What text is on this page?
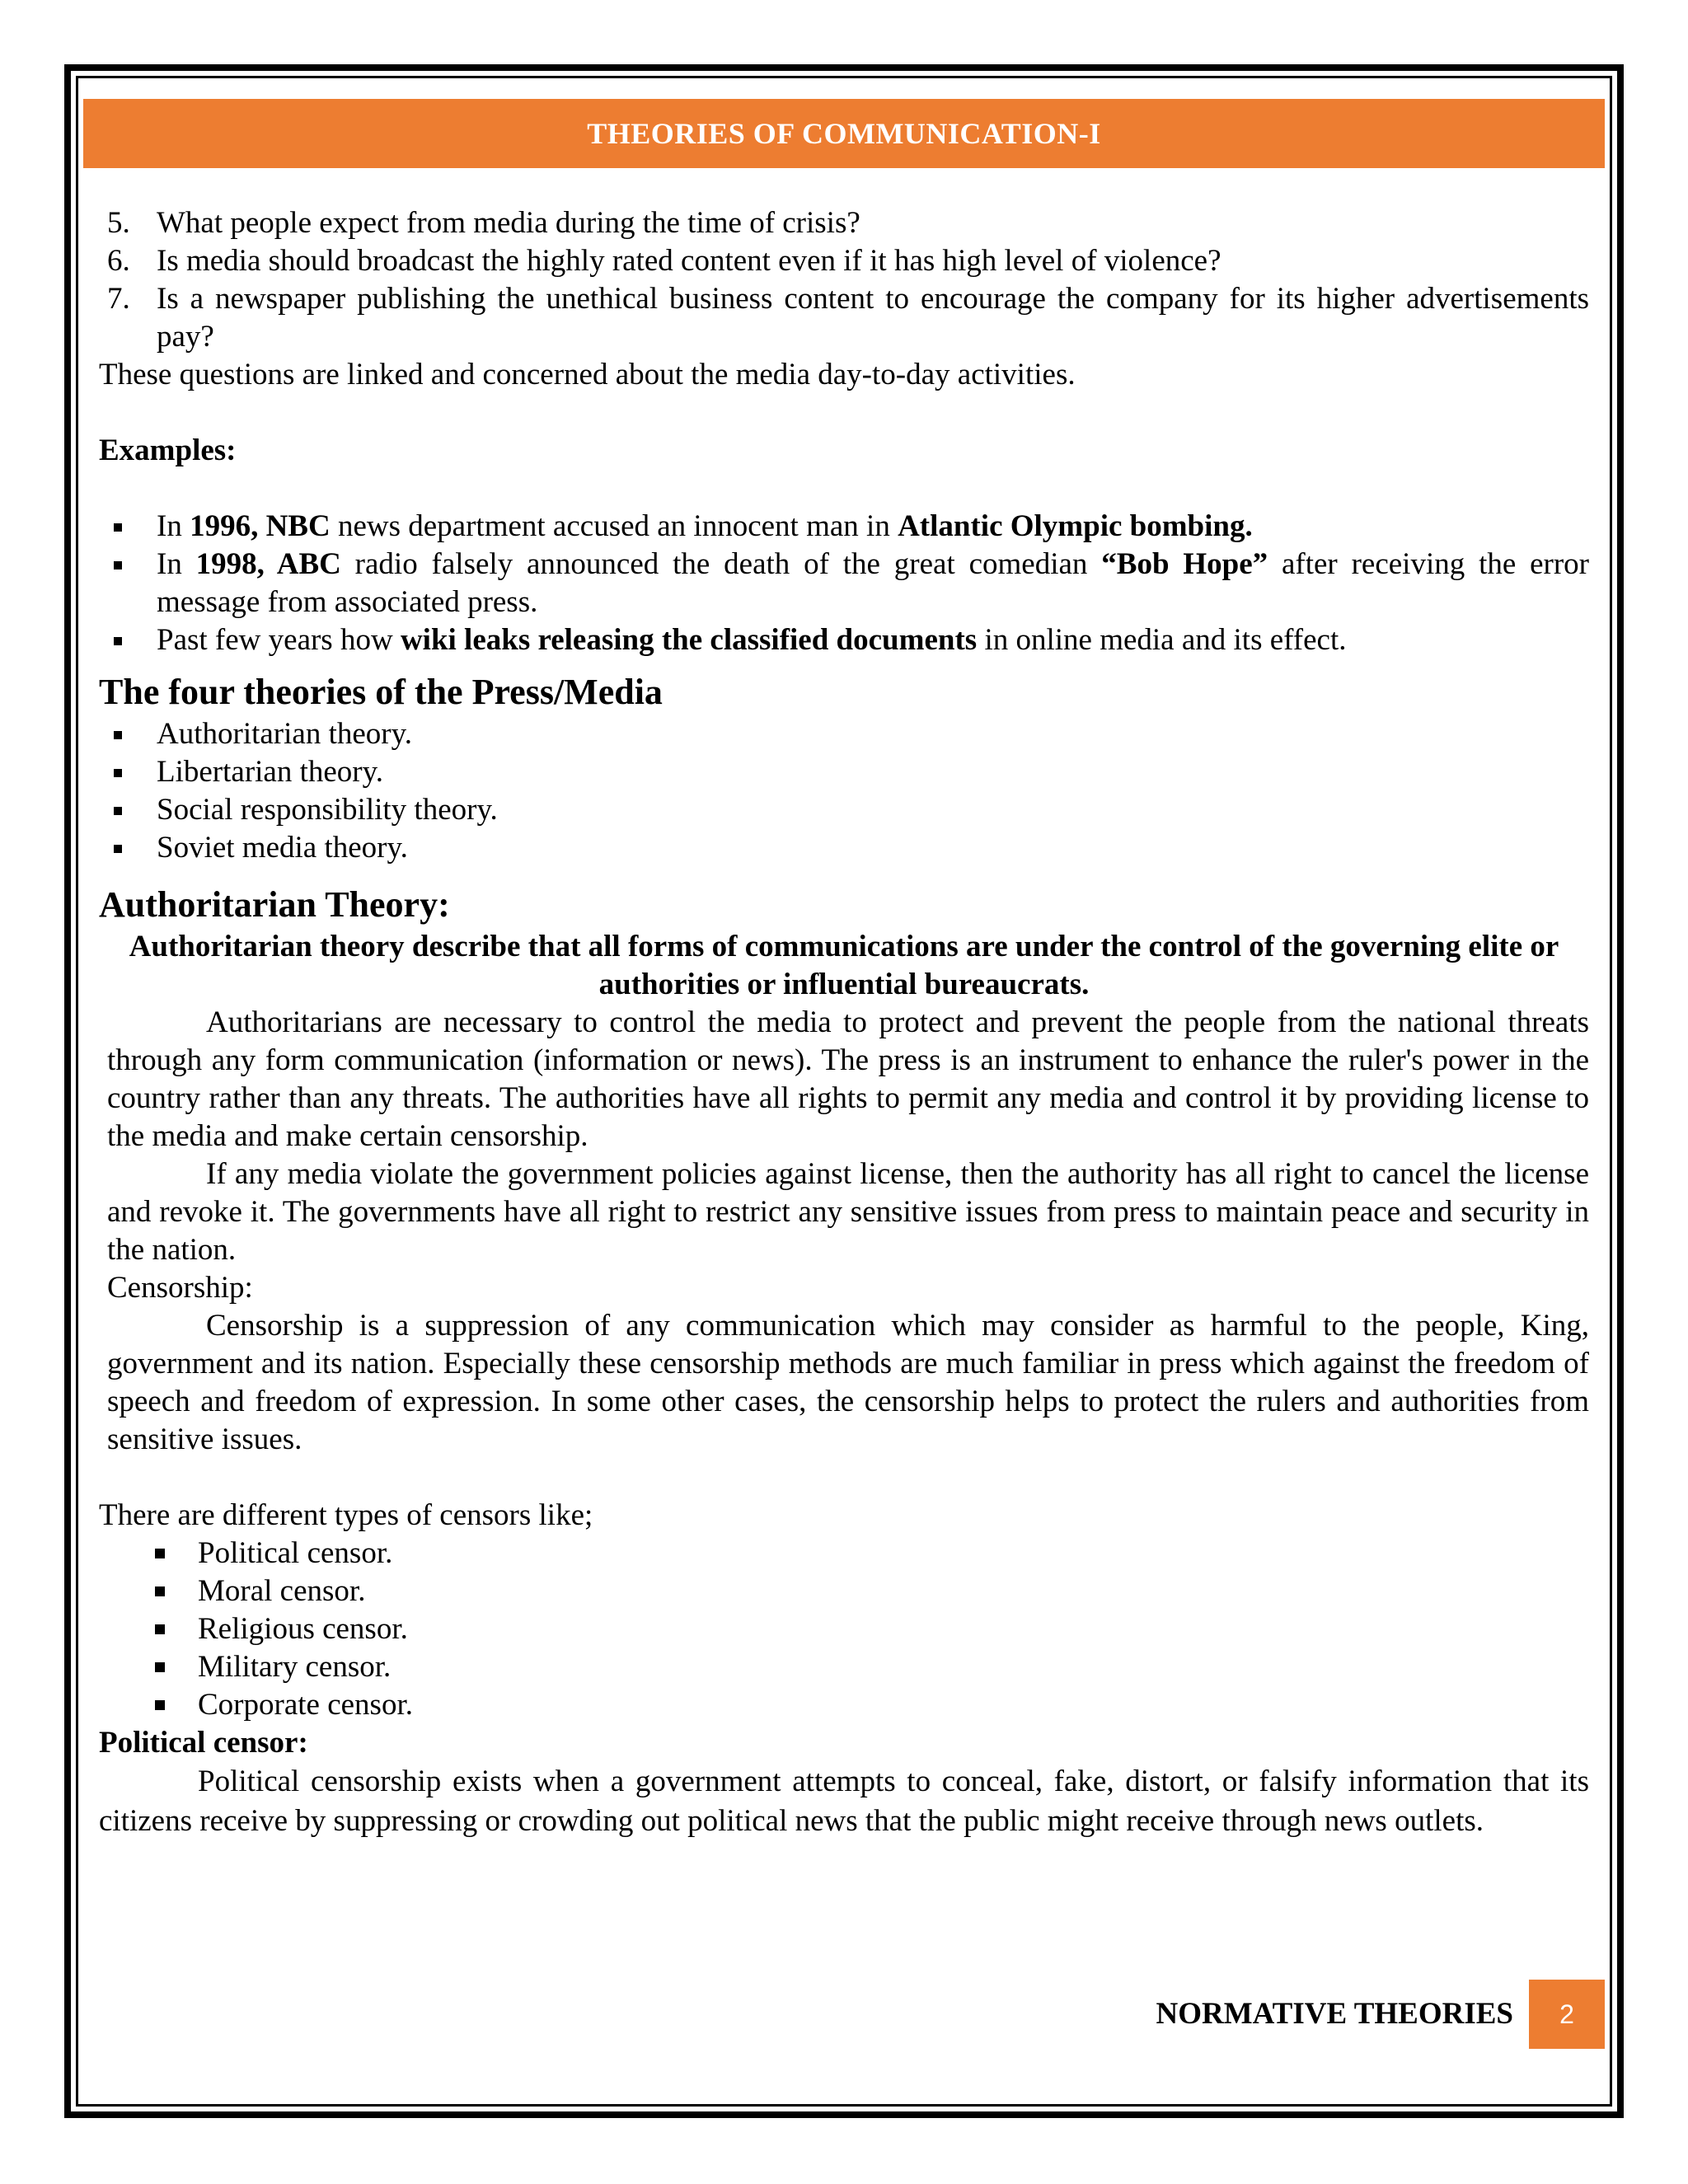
THEORIES OF COMMUNICATION-I
5. What people expect from media during the time of crisis?
6. Is media should broadcast the highly rated content even if it has high level of violence?
7. Is a newspaper publishing the unethical business content to encourage the company for its higher advertisements pay?

These questions are linked and concerned about the media day-to-day activities.

Examples:

In 1996, NBC news department accused an innocent man in Atlantic Olympic bombing.
In 1998, ABC radio falsely announced the death of the great comedian “Bob Hope” after receiving the error message from associated press.
Past few years how wiki leaks releasing the classified documents in online media and its effect.

The four theories of the Press/Media

Authoritarian theory.
Libertarian theory.
Social responsibility theory.
Soviet media theory.

Authoritarian Theory:

Authoritarian theory describe that all forms of communications are under the control of the governing elite or authorities or influential bureaucrats.

Authoritarians are necessary to control the media to protect and prevent the people from the national threats through any form communication (information or news). The press is an instrument to enhance the ruler's power in the country rather than any threats. The authorities have all rights to permit any media and control it by providing license to the media and make certain censorship.

If any media violate the government policies against license, then the authority has all right to cancel the license and revoke it. The governments have all right to restrict any sensitive issues from press to maintain peace and security in the nation.

Censorship:

Censorship is a suppression of any communication which may consider as harmful to the people, King, government and its nation. Especially these censorship methods are much familiar in press which against the freedom of speech and freedom of expression. In some other cases, the censorship helps to protect the rulers and authorities from sensitive issues.

There are different types of censors like;

Political censor.
Moral censor.
Religious censor.
Military censor.
Corporate censor.

Political censor:

Political censorship exists when a government attempts to conceal, fake, distort, or falsify information that its citizens receive by suppressing or crowding out political news that the public might receive through news outlets.

NORMATIVE THEORIES 2
